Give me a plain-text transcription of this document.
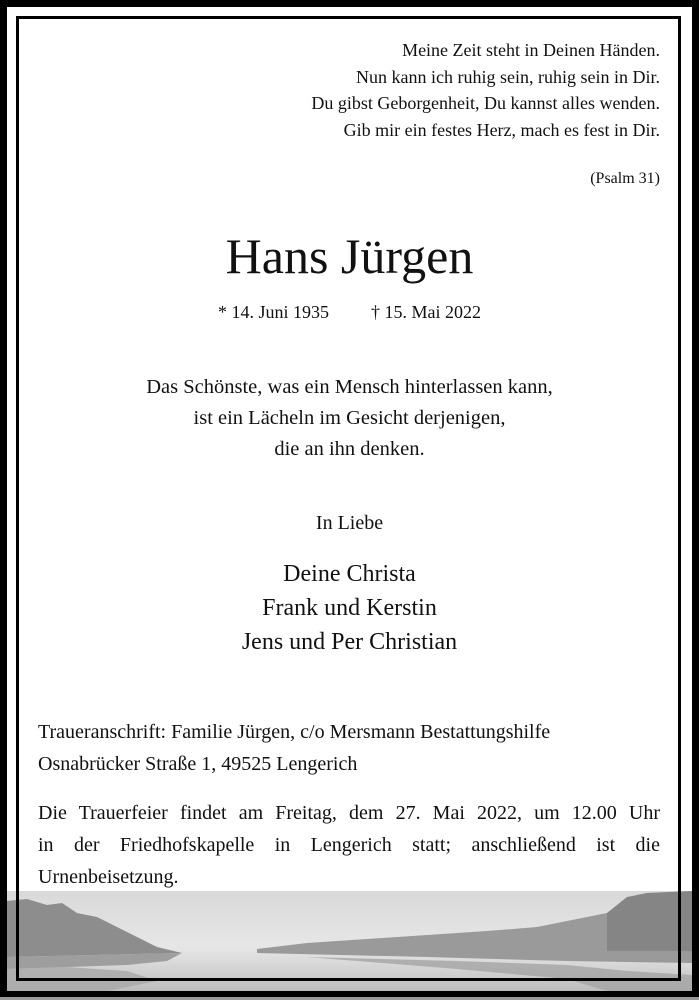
Meine Zeit steht in Deinen Händen.
Nun kann ich ruhig sein, ruhig sein in Dir.
Du gibst Geborgenheit, Du kannst alles wenden.
Gib mir ein festes Herz, mach es fest in Dir.
(Psalm 31)
Hans Jürgen
* 14. Juni 1935 † 15. Mai 2022
Das Schönste, was ein Mensch hinterlassen kann,
ist ein Lächeln im Gesicht derjenigen,
die an ihn denken.
In Liebe
Deine Christa
Frank und Kerstin
Jens und Per Christian
Traueranschrift: Familie Jürgen, c/o Mersmann Bestattungshilfe
Osnabrücker Straße 1, 49525 Lengerich
Die Trauerfeier findet am Freitag, dem 27. Mai 2022, um 12.00 Uhr
in der Friedhofskapelle in Lengerich statt; anschließend ist die
Urnenbeisetzung.
